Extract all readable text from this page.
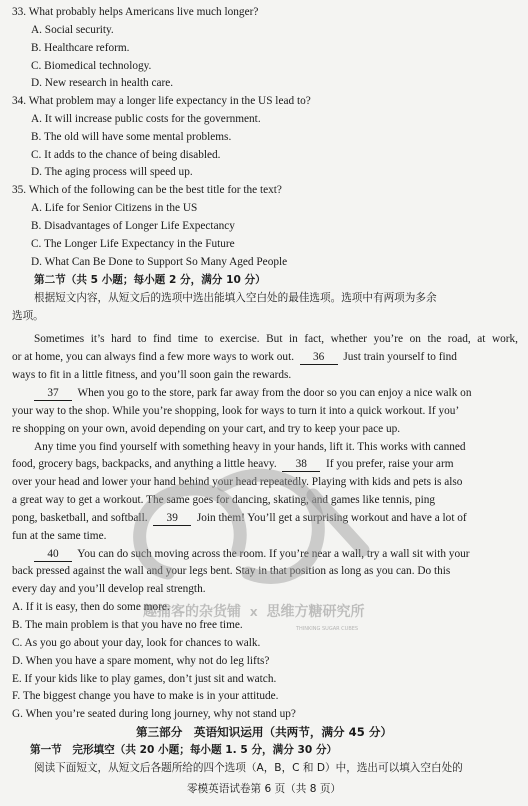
33. What probably helps Americans live much longer?
A. Social security.
B. Healthcare reform.
C. Biomedical technology.
D. New research in health care.
34. What problem may a longer life expectancy in the US lead to?
A. It will increase public costs for the government.
B. The old will have some mental problems.
C. It adds to the chance of being disabled.
D. The aging process will speed up.
35. Which of the following can be the best title for the text?
A. Life for Senior Citizens in the US
B. Disadvantages of Longer Life Expectancy
C. The Longer Life Expectancy in the Future
D. What Can Be Done to Support So Many Aged People
第二节（共 5 小题；每小题 2 分，满分 10 分）
根据短文内容，从短文后的选项中选出能填入空白处的最佳选项。选项中有两项为多余
选项。
Sometimes it’s hard to find time to exercise. But in fact, whether you’re on the road, at work,
or at home, you can always find a few more ways to work out. 36 Just train yourself to find
ways to fit in a little fitness, and you’ll soon gain the rewards.
37 When you go to the store, park far away from the door so you can enjoy a nice walk on
your way to the shop. While you’re shopping, look for ways to turn it into a quick workout. If you’
re shopping on your own, avoid depending on your cart, and try to keep your pace up.
Any time you find yourself with something heavy in your hands, lift it. This works with canned
food, grocery bags, backpacks, and anything a little heavy. 38 If you prefer, raise your arm
over your head and lower your hand behind your head repeatedly. Playing with kids and pets is also
a great way to get a workout. The same goes for dancing, skating, and games like tennis, ping
pong, basketball, and softball. 39 Join them! You’ll get a surprising workout and have a lot of
fun at the same time.
40 You can do such moving across the room. If you’re near a wall, try a wall sit with your
back pressed against the wall and your legs bent. Stay in that position as long as you can. Do this
every day and you’ll develop real strength.
A. If it is easy, then do some more.
B. The main problem is that you have no free time.
C. As you go about your day, look for chances to walk.
D. When you have a spare moment, why not do leg lifts?
E. If your kids like to play games, don’t just sit and watch.
F. The biggest change you have to make is in your attitude.
G. When you’re seated during long journey, why not stand up?
第三部分　英语知识运用（共两节，满分 45 分）
第一节　完形填空（共 20 小题；每小题 1. 5 分，满分 30 分）
阅读下面短文，从短文后各题所给的四个选项（A，B，C 和 D）中，选出可以填入空白处的
零模英语试卷第 6 页（共 8 页）
趣捕客的杂货铺 X 思维方糖研究所
THINKING SUGAR CUBES
